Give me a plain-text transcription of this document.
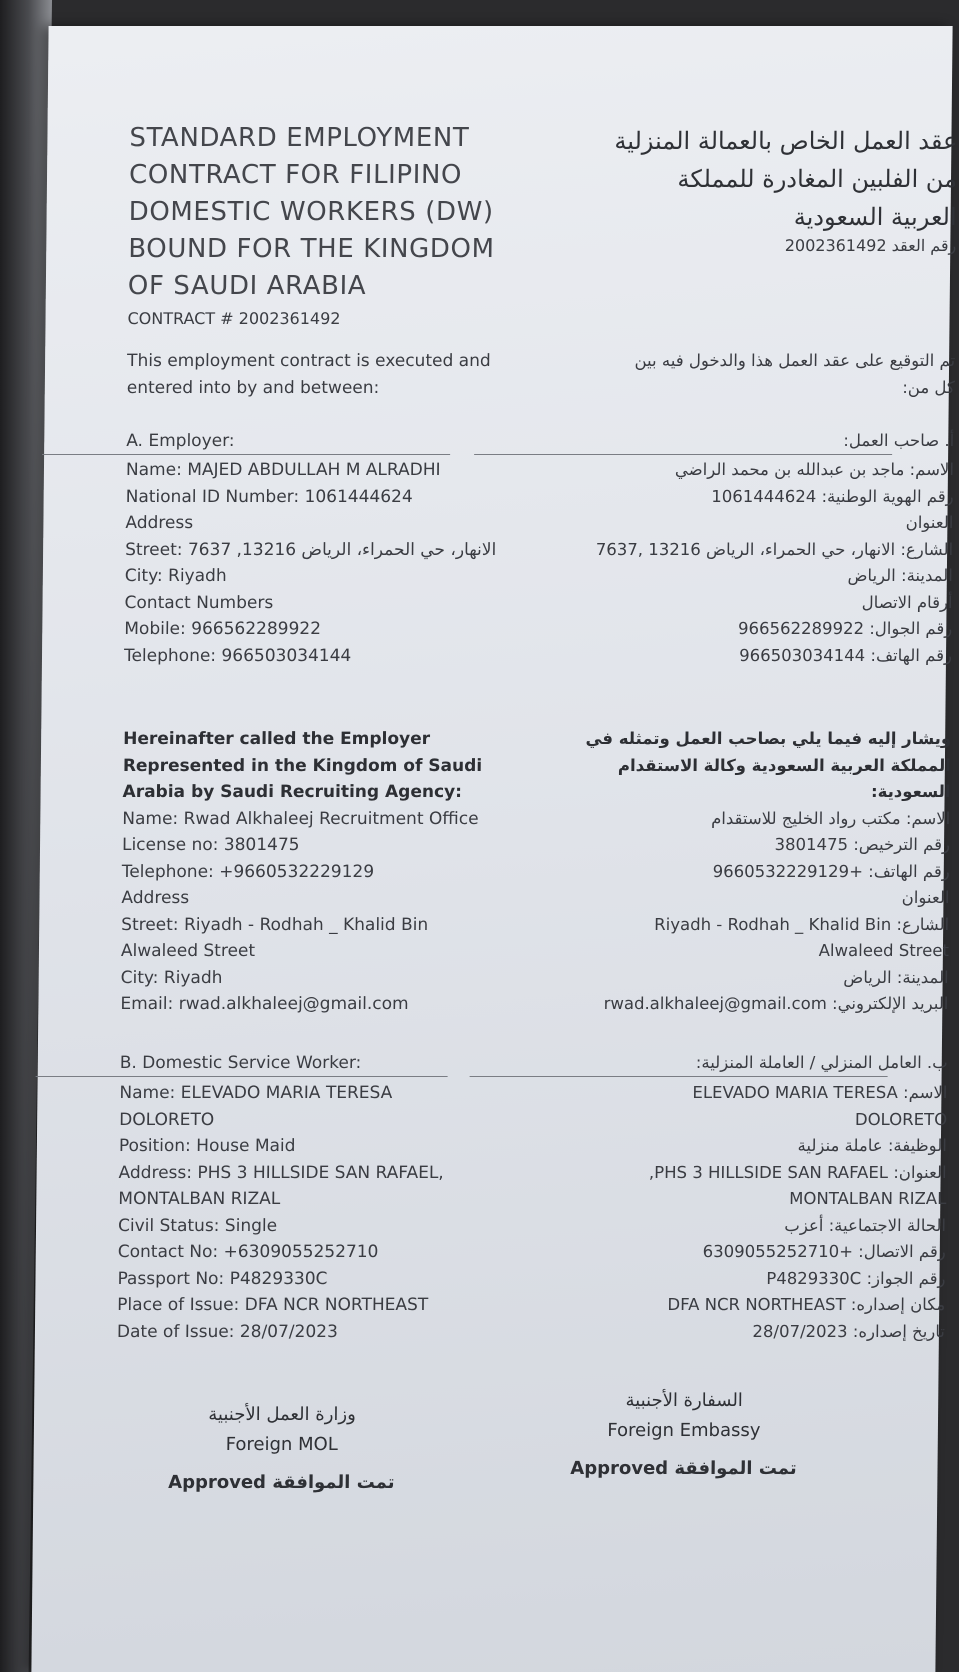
STANDARD EMPLOYMENT
CONTRACT FOR FILIPINO
DOMESTIC WORKERS (DW)
BOUND FOR THE KINGDOM
OF SAUDI ARABIA
CONTRACT # 2002361492
عقد العمل الخاص بالعمالة المنزلية
من الفلبين المغادرة للمملكة
العربية السعودية
رقم العقد 2002361492
This employment contract is executed and
entered into by and between:
تم التوقيع على عقد العمل هذا والدخول فيه بين
كل من:
A. Employer:	أ. صاحب العمل:
Name: MAJED ABDULLAH M ALRADHI
National ID Number: 1061444624
Address
Street: 7637 ,13216 الانهار، حي الحمراء، الرياض
City: Riyadh
Contact Numbers
Mobile: 966562289922
Telephone: 966503034144
الاسم: ماجد بن عبدالله بن محمد الراضي
رقم الهوية الوطنية: 1061444624
العنوان
الشارع: الانهار، حي الحمراء، الرياض 13216 ,7637
المدينة: الرياض
أرقام الاتصال
رقم الجوال: 966562289922
رقم الهاتف: 966503034144
Hereinafter called the Employer
Represented in the Kingdom of Saudi
Arabia by Saudi Recruiting Agency:
Name: Rwad Alkhaleej Recruitment Office
License no: 3801475
Telephone: +9660532229129
Address
Street: Riyadh - Rodhah _ Khalid Bin
Alwaleed Street
City: Riyadh
Email: rwad.alkhaleej@gmail.com
ويشار إليه فيما يلي بصاحب العمل وتمثله في
المملكة العربية السعودية وكالة الاستقدام
السعودية:
الاسم: مكتب رواد الخليج للاستقدام
رقم الترخيص: 3801475
رقم الهاتف: +9660532229129
العنوان
الشارع: Riyadh - Rodhah _ Khalid Bin
Alwaleed Street
المدينة: الرياض
البريد الإلكتروني: rwad.alkhaleej@gmail.com
B. Domestic Service Worker:	ب. العامل المنزلي / العاملة المنزلية:
Name: ELEVADO MARIA TERESA
DOLORETO
Position: House Maid
Address: PHS 3 HILLSIDE SAN RAFAEL,
MONTALBAN RIZAL
Civil Status: Single
Contact No: +6309055252710
Passport No: P4829330C
Place of Issue: DFA NCR NORTHEAST
Date of Issue: 28/07/2023
الاسم: ELEVADO MARIA TERESA
DOLORETO
الوظيفة: عاملة منزلية
العنوان: PHS 3 HILLSIDE SAN RAFAEL,
MONTALBAN RIZAL
الحالة الاجتماعية: أعزب
رقم الاتصال: +6309055252710
رقم الجواز: P4829330C
مكان إصداره: DFA NCR NORTHEAST
تاريخ إصداره: 28/07/2023
وزارة العمل الأجنبية
Foreign MOL
Approved تمت الموافقة
السفارة الأجنبية
Foreign Embassy
Approved تمت الموافقة
